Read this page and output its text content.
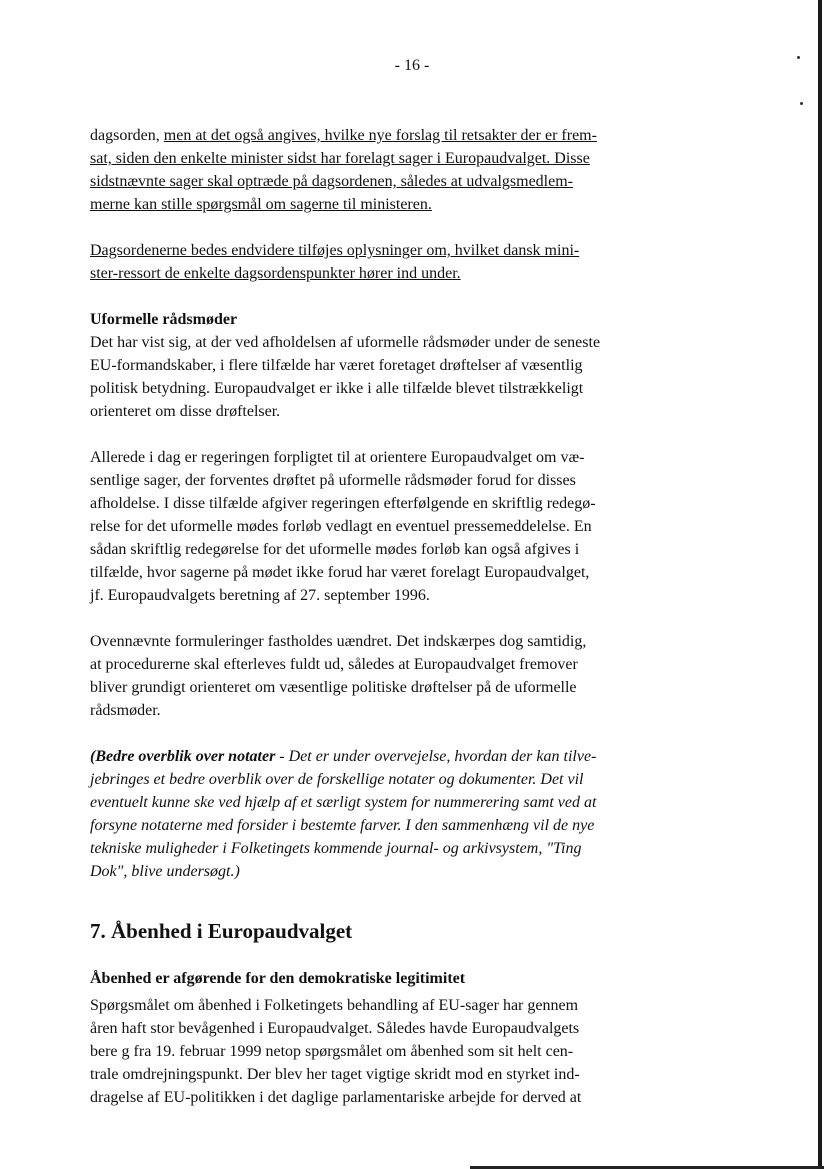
- 16 -

dagsorden, men at det også angives, hvilke nye forslag til retsakter der er frem-
sat, siden den enkelte minister sidst har forelagt sager i Europaudvalget. Disse
sidstnævnte sager skal optræde på dagsordenen, således at udvalgsmedlem-
merne kan stille spørgsmål om sagerne til ministeren.

Dagsordenerne bedes endvidere tilføjes oplysninger om, hvilket dansk mini-
ster-ressort de enkelte dagsordenspunkter hører ind under.

Uformelle rådsmøder

Det har vist sig, at der ved afholdelsen af uformelle rådsmøder under de seneste
EU-formandskaber, i flere tilfælde har været foretaget drøftelser af væsentlig
politisk betydning. Europaudvalget er ikke i alle tilfælde blevet tilstrækkeligt
orienteret om disse drøftelser.

Allerede i dag er regeringen forpligtet til at orientere Europaudvalget om væ-
sentlige sager, der forventes drøftet på uformelle rådsmøder forud for disses
afholdelse. I disse tilfælde afgiver regeringen efterfølgende en skriftlig redegø-
relse for det uformelle mødes forløb vedlagt en eventuel pressemeddelelse. En
sådan skriftlig redegørelse for det uformelle mødes forløb kan også afgives i
tilfælde, hvor sagerne på mødet ikke forud har været forelagt Europaudvalget,
jf. Europaudvalgets beretning af 27. september 1996.

Ovennævnte formuleringer fastholdes uændret. Det indskærpes dog samtidig,
at procedurerne skal efterleves fuldt ud, således at Europaudvalget fremover
bliver grundigt orienteret om væsentlige politiske drøftelser på de uformelle
rådsmøder.

(Bedre overblik over notater - Det er under overvejelse, hvordan der kan tilve-
jebringes et bedre overblik over de forskellige notater og dokumenter. Det vil
eventuelt kunne ske ved hjælp af et særligt system for nummerering samt ved at
forsyne notaterne med forsider i bestemte farver. I den sammenhæng vil de nye
tekniske muligheder i Folketingets kommende journal- og arkivsystem, "Ting
Dok", blive undersøgt.)

7. Åbenhed i Europaudvalget

Åbenhed er afgørende for den demokratiske legitimitet

Spørgsmålet om åbenhed i Folketingets behandling af EU-sager har gennem
åren haft stor bevågenhed i Europaudvalget. Således havde Europaudvalgets
bere g fra 19. februar 1999 netop spørgsmålet om åbenhed som sit helt cen-
trale omdrejningspunkt. Der blev her taget vigtige skridt mod en styrket ind-
dragelse af EU-politikken i det daglige parlamentariske arbejde for derved at
